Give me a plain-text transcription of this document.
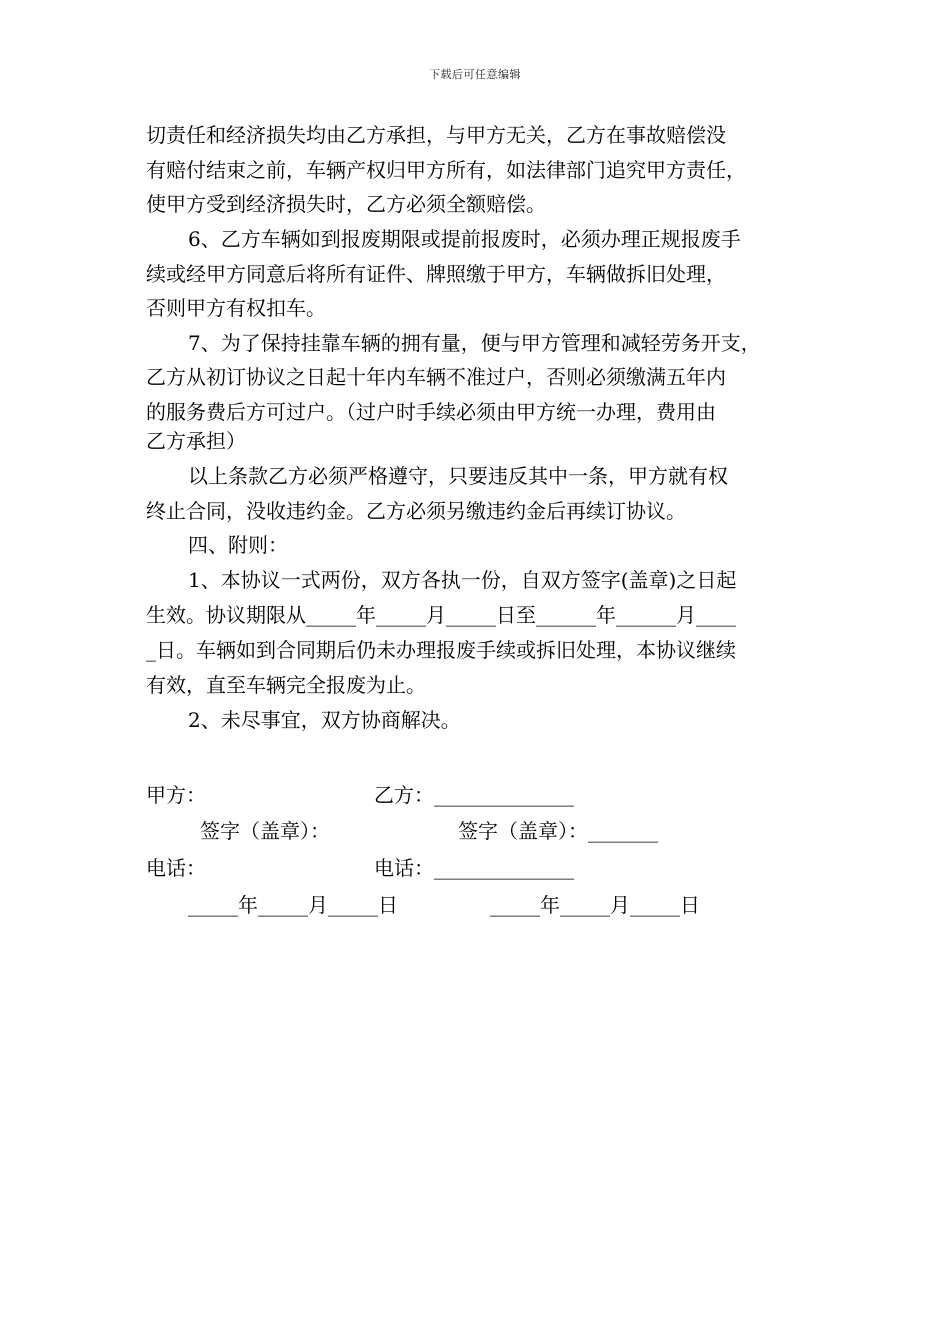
下载后可任意编辑
切责任和经济损失均由乙方承担，与甲方无关，乙方在事故赔偿没
有赔付结束之前，车辆产权归甲方所有，如法律部门追究甲方责任，
使甲方受到经济损失时，乙方必须全额赔偿。
6、乙方车辆如到报废期限或提前报废时，必须办理正规报废手
续或经甲方同意后将所有证件、牌照缴于甲方，车辆做拆旧处理，
否则甲方有权扣车。
7、为了保持挂靠车辆的拥有量，便与甲方管理和减轻劳务开支，
乙方从初订协议之日起十年内车辆不准过户，否则必须缴满五年内
的服务费后方可过户。（过户时手续必须由甲方统一办理，费用由
乙方承担）
以上条款乙方必须严格遵守，只要违反其中一条，甲方就有权
终止合同，没收违约金。乙方必须另缴违约金后再续订协议。
四、附则：
1、本协议一式两份，双方各执一份，自双方签字(盖章)之日起
生效。协议期限从_____年_____月_____日至______年______月____
_日。车辆如到合同期后仍未办理报废手续或拆旧处理，本协议继续
有效，直至车辆完全报废为止。
2、未尽事宜，双方协商解决。
甲方：	乙方：______________
签字（盖章）：	签字（盖章）：_______
电话：	电话：______________
_____年_____月_____日	_____年_____月_____日
